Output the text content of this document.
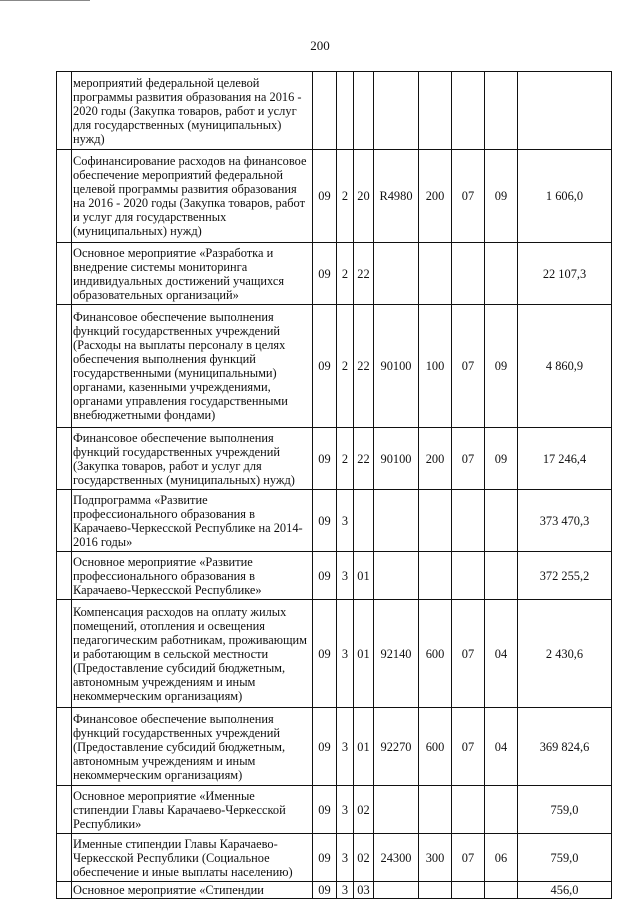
200
	мероприятий федеральной целевой программы развития образования на 2016 - 2020 годы (Закупка товаров, работ и услуг для государственных (муниципальных) нужд)								
	Софинансирование расходов на финансовое обеспечение мероприятий федеральной целевой программы развития образования на 2016 - 2020 годы (Закупка товаров, работ и услуг для государственных (муниципальных) нужд)	09	2	20	R4980	200	07	09	1 606,0
	Основное мероприятие «Разработка и внедрение системы мониторинга индивидуальных достижений учащихся образовательных организаций»	09	2	22					22 107,3
	Финансовое обеспечение выполнения функций государственных учреждений (Расходы на выплаты персоналу в целях обеспечения выполнения функций государственными (муниципальными) органами, казенными учреждениями, органами управления государственными внебюджетными фондами)	09	2	22	90100	100	07	09	4 860,9
	Финансовое обеспечение выполнения функций государственных учреждений (Закупка товаров, работ и услуг для государственных (муниципальных) нужд)	09	2	22	90100	200	07	09	17 246,4
	Подпрограмма «Развитие профессионального образования в Карачаево-Черкесской Республике на 2014-2016 годы»	09	3						373 470,3
	Основное мероприятие «Развитие профессионального образования в Карачаево-Черкесской Республике»	09	3	01					372 255,2
	Компенсация расходов на оплату жилых помещений, отопления и освещения педагогическим работникам, проживающим и работающим в сельской местности (Предоставление субсидий бюджетным, автономным учреждениям и иным некоммерческим организациям)	09	3	01	92140	600	07	04	2 430,6
	Финансовое обеспечение выполнения функций государственных учреждений (Предоставление субсидий бюджетным, автономным учреждениям и иным некоммерческим организациям)	09	3	01	92270	600	07	04	369 824,6
	Основное мероприятие «Именные стипендии Главы Карачаево-Черкесской Республики»	09	3	02					759,0
	Именные стипендии Главы Карачаево-Черкесской Республики (Социальное обеспечение и иные выплаты населению)	09	3	02	24300	300	07	06	759,0
	Основное мероприятие «Стипендии	09	3	03					456,0
